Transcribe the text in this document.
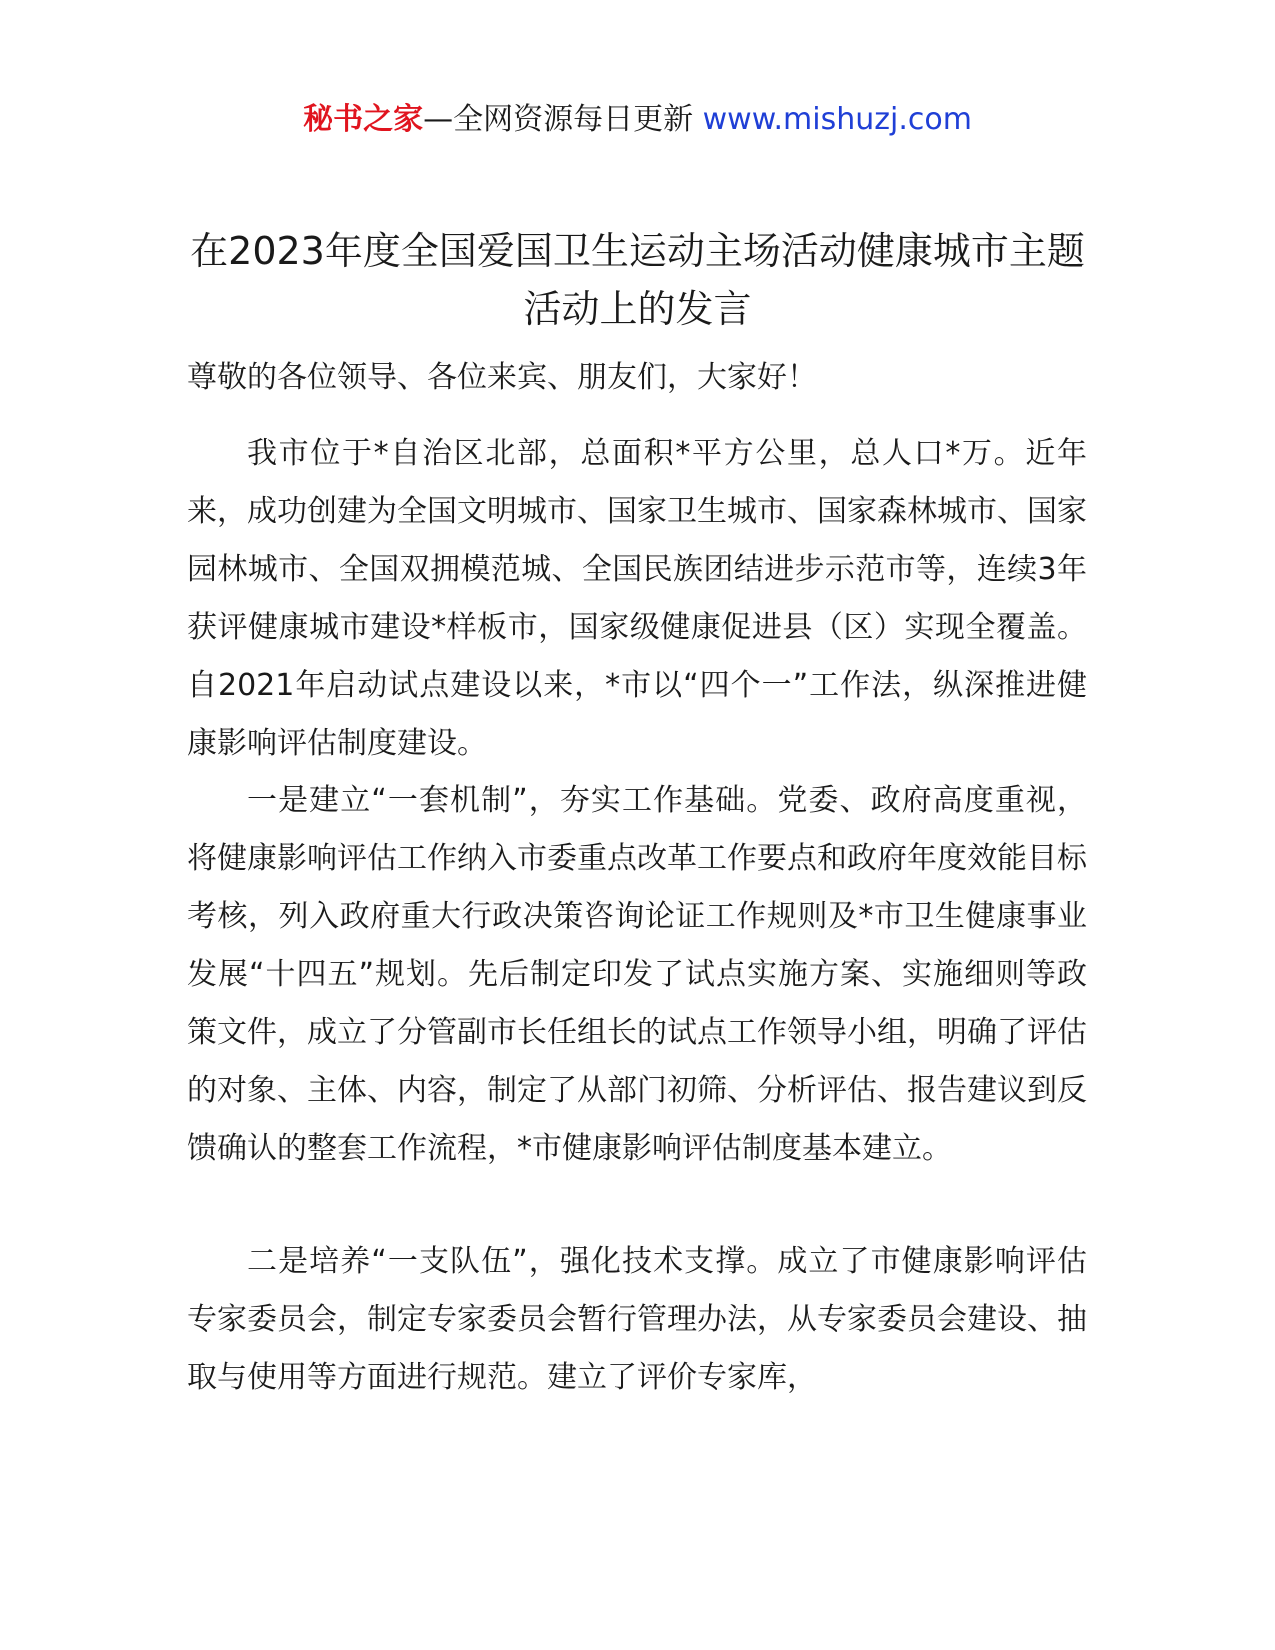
秘书之家—全网资源每日更新 www.mishuzj.com
在2023年度全国爱国卫生运动主场活动健康城市主题活动上的发言

尊敬的各位领导、各位来宾、朋友们，大家好！

我市位于*自治区北部，总面积*平方公里，总人口*万。近年来，成功创建为全国文明城市、国家卫生城市、国家森林城市、国家园林城市、全国双拥模范城、全国民族团结进步示范市等，连续3年获评健康城市建设*样板市，国家级健康促进县（区）实现全覆盖。自2021年启动试点建设以来，*市以“四个一”工作法，纵深推进健康影响评估制度建设。

一是建立“一套机制”，夯实工作基础。党委、政府高度重视，将健康影响评估工作纳入市委重点改革工作要点和政府年度效能目标考核，列入政府重大行政决策咨询论证工作规则及*市卫生健康事业发展“十四五”规划。先后制定印发了试点实施方案、实施细则等政策文件，成立了分管副市长任组长的试点工作领导小组，明确了评估的对象、主体、内容，制定了从部门初筛、分析评估、报告建议到反馈确认的整套工作流程，*市健康影响评估制度基本建立。

二是培养“一支队伍”，强化技术支撑。成立了市健康影响评估专家委员会，制定专家委员会暂行管理办法，从专家委员会建设、抽取与使用等方面进行规范。建立了评价专家库，
